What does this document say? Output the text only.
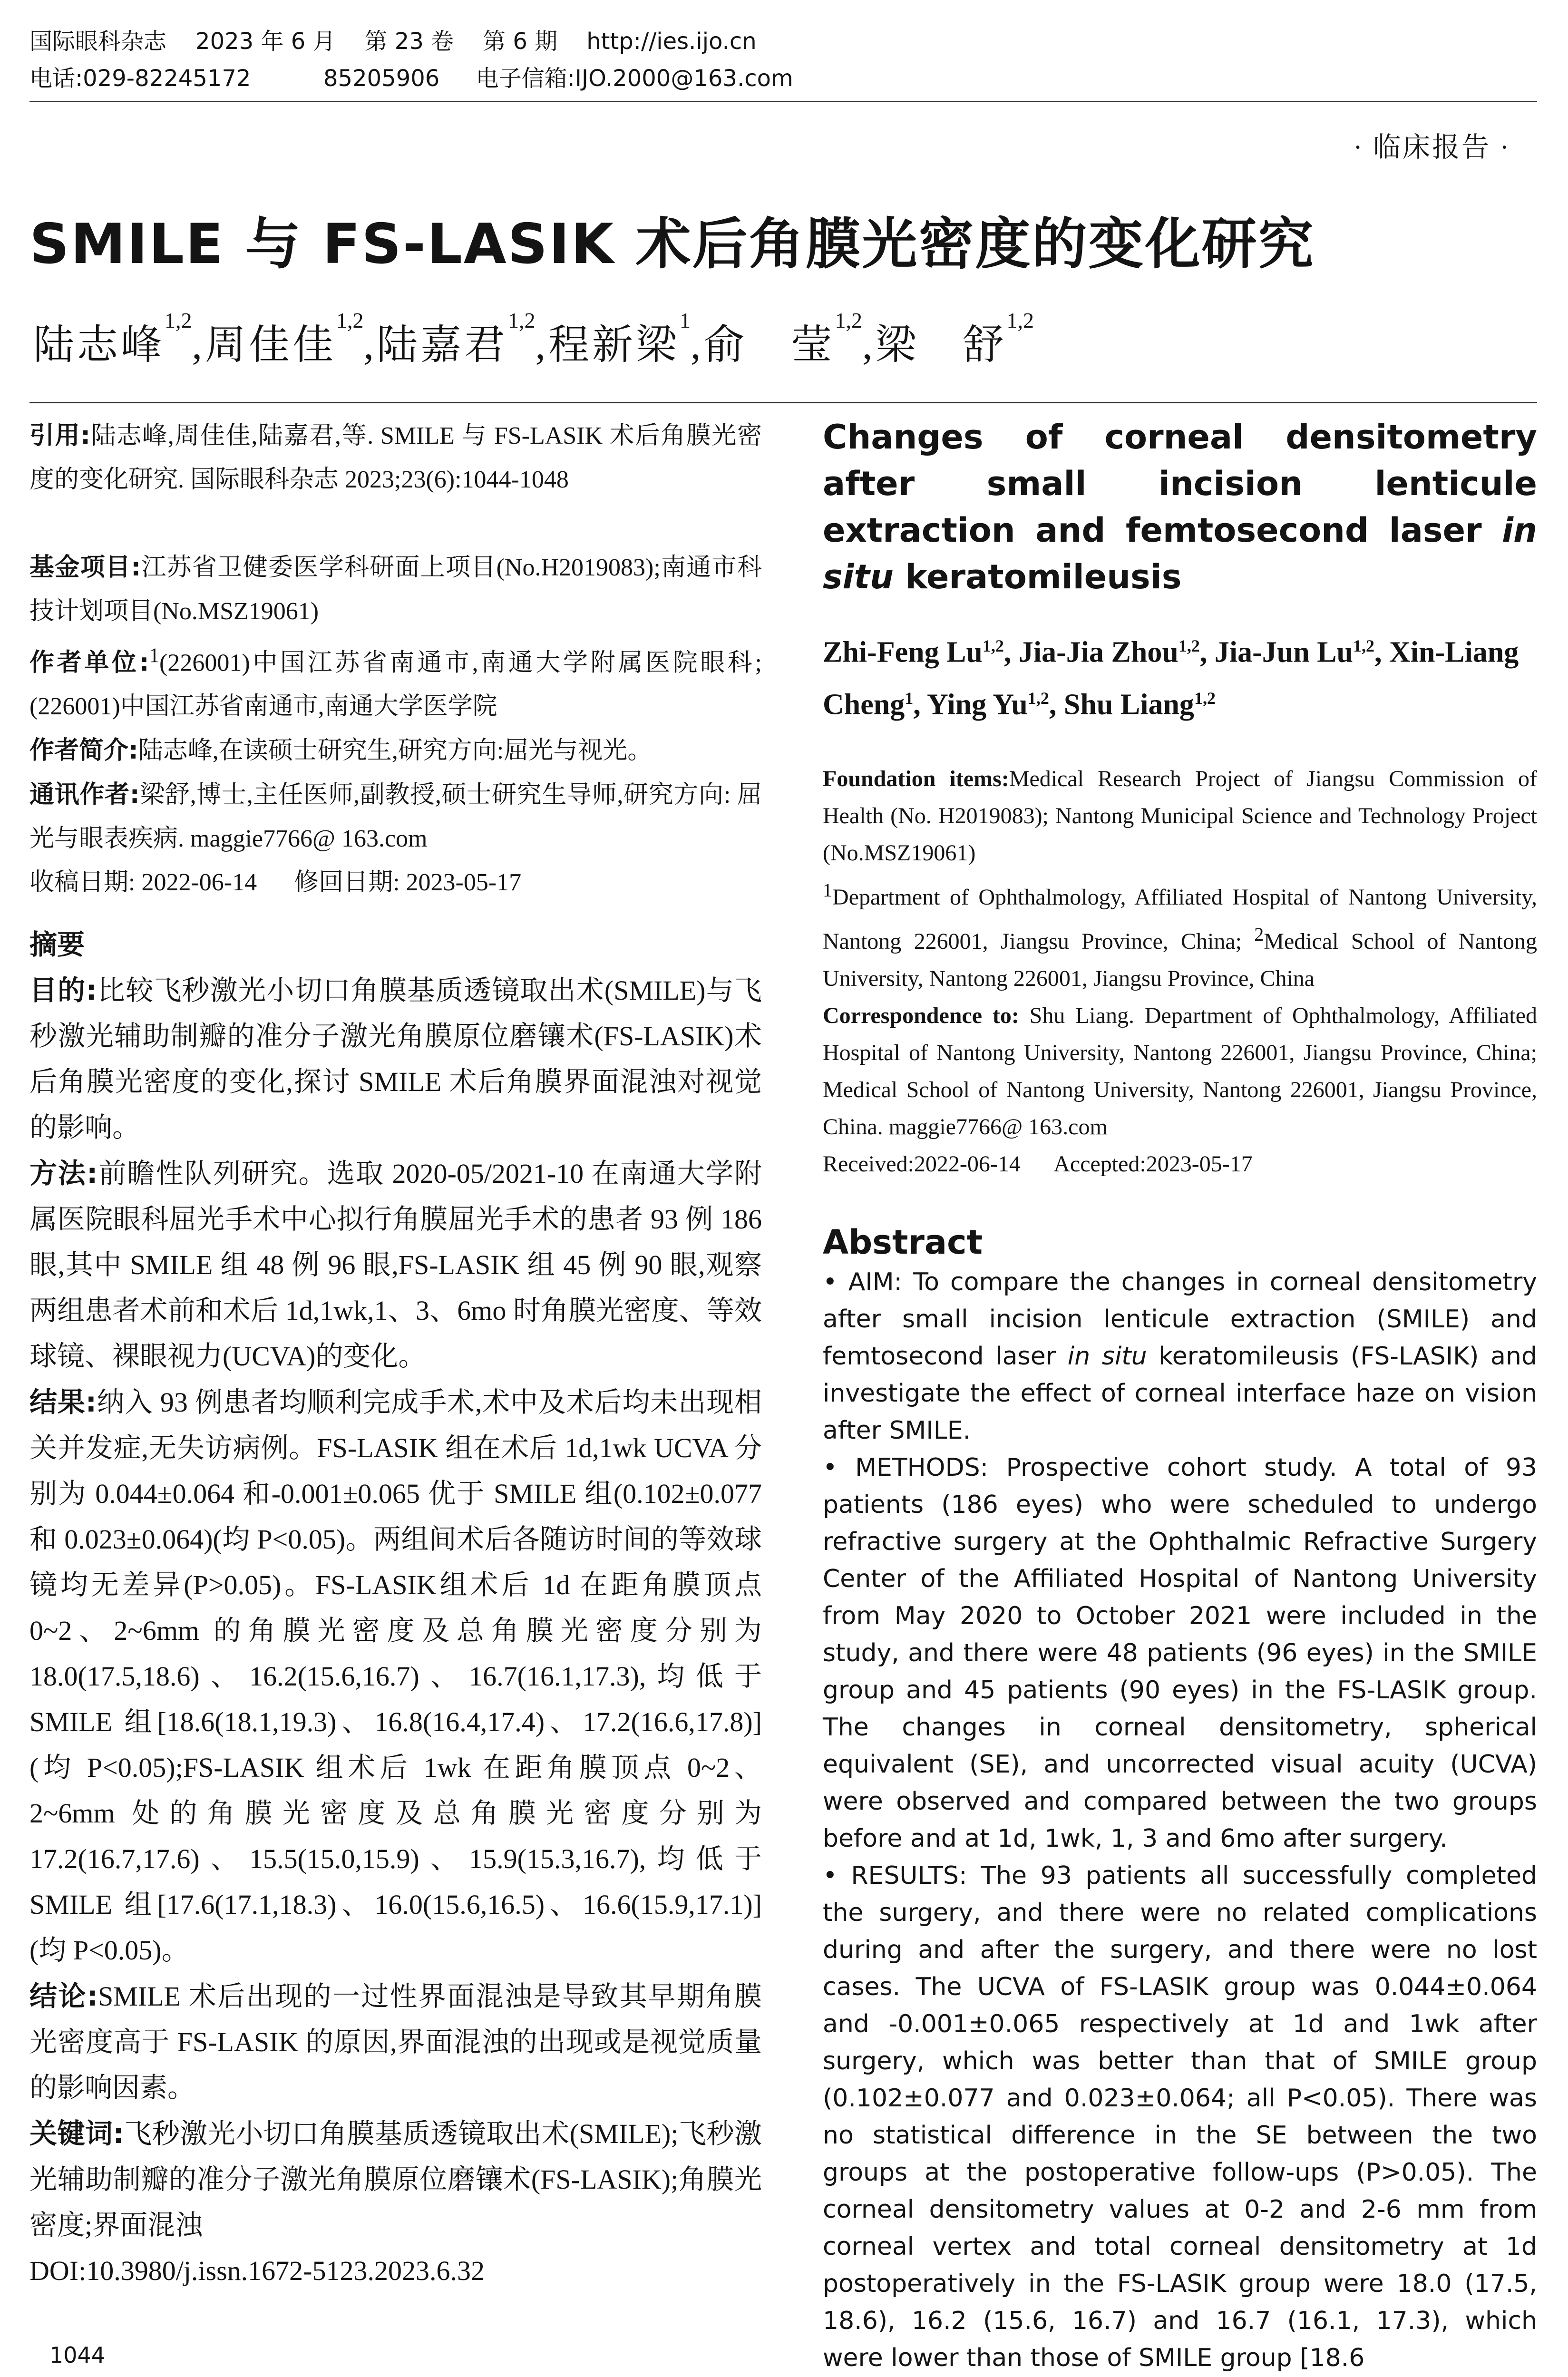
国际眼科杂志    2023 年 6 月    第 23 卷    第 6 期    http://ies.ijo.cn
电话:029-82245172          85205906     电子信箱:IJO.2000@163.com
· 临床报告 ·
SMILE 与 FS-LASIK 术后角膜光密度的变化研究
陆志峰$^{1,2}$,周佳佳$^{1,2}$,陆嘉君$^{1,2}$,程新梁$^1$,俞　莹$^{1,2}$,梁　舒$^{1,2}$

引用:陆志峰,周佳佳,陆嘉君,等. SMILE 与 FS-LASIK 术后角膜光密度的变化研究. 国际眼科杂志 2023;23(6):1044-1048

基金项目:江苏省卫健委医学科研面上项目(No.H2019083);南通市科技计划项目(No.MSZ19061)

作者单位:$^1$(226001)中国江苏省南通市,南通大学附属医院眼科;(226001)中国江苏省南通市,南通大学医学院

作者简介:陆志峰,在读硕士研究生,研究方向:屈光与视光。

通讯作者:梁舒,博士,主任医师,副教授,硕士研究生导师,研究方向: 屈光与眼表疾病. maggie7766@ 163.com

收稿日期: 2022-06-14      修回日期: 2023-05-17

摘要

目的:比较飞秒激光小切口角膜基质透镜取出术(SMILE)与飞秒激光辅助制瓣的准分子激光角膜原位磨镶术(FS-LASIK)术后角膜光密度的变化,探讨 SMILE 术后角膜界面混浊对视觉的影响。

方法:前瞻性队列研究。选取 2020-05/2021-10 在南通大学附属医院眼科屈光手术中心拟行角膜屈光手术的患者 93 例 186 眼,其中 SMILE 组 48 例 96 眼,FS-LASIK 组 45 例 90 眼,观察两组患者术前和术后 1d,1wk,1、3、6mo 时角膜光密度、等效球镜、裸眼视力(UCVA)的变化。

结果:纳入 93 例患者均顺利完成手术,术中及术后均未出现相关并发症,无失访病例。FS-LASIK 组在术后 1d,1wk UCVA 分别为 0.044±0.064 和-0.001±0.065 优于 SMILE 组(0.102±0.077 和 0.023±0.064)(均 P<0.05)。两组间术后各随访时间的等效球镜均无差异(P>0.05)。FS-LASIK组术后 1d 在距角膜顶点 0~2、2~6mm 的角膜光密度及总角膜光密度分别为 18.0(17.5,18.6)、16.2(15.6,16.7)、16.7(16.1,17.3),均低于 SMILE 组[18.6(18.1,19.3)、16.8(16.4,17.4)、17.2(16.6,17.8)](均 P<0.05);FS-LASIK 组术后 1wk 在距角膜顶点 0~2、2~6mm 处的角膜光密度及总角膜光密度分别为 17.2(16.7,17.6)、15.5(15.0,15.9)、15.9(15.3,16.7),均低于 SMILE 组[17.6(17.1,18.3)、16.0(15.6,16.5)、16.6(15.9,17.1)](均 P<0.05)。

结论:SMILE 术后出现的一过性界面混浊是导致其早期角膜光密度高于 FS-LASIK 的原因,界面混浊的出现或是视觉质量的影响因素。

关键词:飞秒激光小切口角膜基质透镜取出术(SMILE);飞秒激光辅助制瓣的准分子激光角膜原位磨镶术(FS-LASIK);角膜光密度;界面混浊

DOI:10.3980/j.issn.1672-5123.2023.6.32

Changes of corneal densitometry after small incision lenticule extraction and femtosecond laser in situ keratomileusis

Zhi-Feng Lu$^{1,2}$, Jia-Jia Zhou$^{1,2}$, Jia-Jun Lu$^{1,2}$, Xin-Liang Cheng$^1$, Ying Yu$^{1,2}$, Shu Liang$^{1,2}$

Foundation items:Medical Research Project of Jiangsu Commission of Health (No. H2019083); Nantong Municipal Science and Technology Project (No.MSZ19061)

$^1$Department of Ophthalmology, Affiliated Hospital of Nantong University, Nantong 226001, Jiangsu Province, China; $^2$Medical School of Nantong University, Nantong 226001, Jiangsu Province, China

Correspondence to: Shu Liang. Department of Ophthalmology, Affiliated Hospital of Nantong University, Nantong 226001, Jiangsu Province, China; Medical School of Nantong University, Nantong 226001, Jiangsu Province, China. maggie7766@ 163.com

Received:2022-06-14      Accepted:2023-05-17

Abstract

• AIM: To compare the changes in corneal densitometry after small incision lenticule extraction (SMILE) and femtosecond laser in situ keratomileusis (FS-LASIK) and investigate the effect of corneal interface haze on vision after SMILE.

• METHODS: Prospective cohort study. A total of 93 patients (186 eyes) who were scheduled to undergo refractive surgery at the Ophthalmic Refractive Surgery Center of the Affiliated Hospital of Nantong University from May 2020 to October 2021 were included in the study, and there were 48 patients (96 eyes) in the SMILE group and 45 patients (90 eyes) in the FS-LASIK group. The changes in corneal densitometry, spherical equivalent (SE), and uncorrected visual acuity (UCVA) were observed and compared between the two groups before and at 1d, 1wk, 1, 3 and 6mo after surgery.

• RESULTS: The 93 patients all successfully completed the surgery, and there were no related complications during and after the surgery, and there were no lost cases. The UCVA of FS-LASIK group was 0.044±0.064 and -0.001±0.065 respectively at 1d and 1wk after surgery, which was better than that of SMILE group (0.102±0.077 and 0.023±0.064; all P<0.05). There was no statistical difference in the SE between the two groups at the postoperative follow-ups (P>0.05). The corneal densitometry values at 0-2 and 2-6 mm from corneal vertex and total corneal densitometry at 1d postoperatively in the FS-LASIK group were 18.0 (17.5, 18.6), 16.2 (15.6, 16.7) and 16.7 (16.1, 17.3), which were lower than those of SMILE group [18.6

1044
